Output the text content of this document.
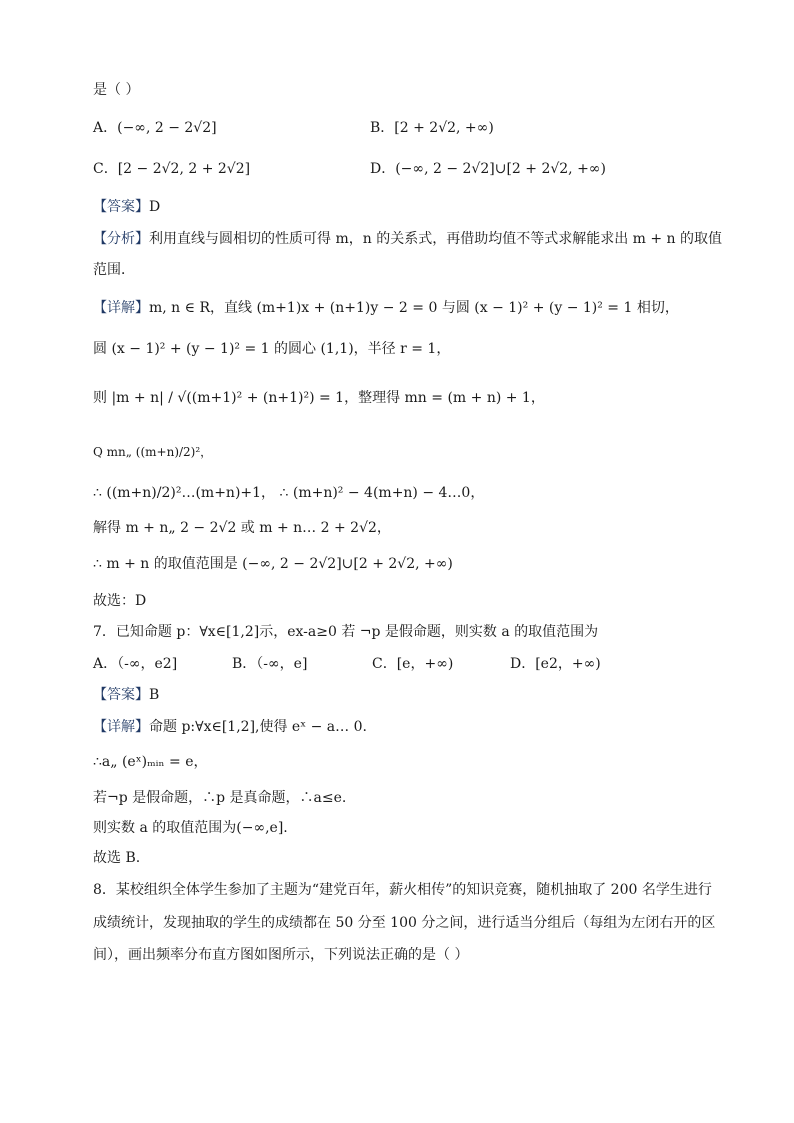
是（ ）
A．(−∞, 2 − 2√2]	B．[2 + 2√2, +∞)
C．[2 − 2√2, 2 + 2√2]	D．(−∞, 2 − 2√2]∪[2 + 2√2, +∞)
【答案】D
【分析】利用直线与圆相切的性质可得 m，n 的关系式，再借助均值不等式求解能求出 m + n 的取值
范围．
【详解】m, n ∈ R，直线 (m+1)x + (n+1)y − 2 = 0 与圆 (x − 1)² + (y − 1)² = 1 相切，
圆 (x − 1)² + (y − 1)² = 1 的圆心 (1,1)，半径 r = 1，
则 |m + n| / √((m+1)² + (n+1)²) = 1，整理得 mn = (m + n) + 1，
Q mn„ ((m+n)/2)²，
∴ ((m+n)/2)²…(m+n)+1， ∴ (m+n)² − 4(m+n) − 4…0，
解得 m + n„ 2 − 2√2 或 m + n… 2 + 2√2，
∴ m + n 的取值范围是 (−∞, 2 − 2√2]∪[2 + 2√2, +∞)
故选：D
7．已知命题 p：∀x∈[1,2]示，ex-a≥0 若 ¬p 是假命题，则实数 a 的取值范围为
A．（-∞，e2]	B．（-∞，e]	C．[e，+∞)	D．[e2，+∞)
【答案】B
【详解】命题 p:∀x∈[1,2],使得 eˣ − a… 0.
∴a„ (eˣ)ₘᵢₙ = e，
若¬p 是假命题，∴p 是真命题，∴a≤e.
则实数 a 的取值范围为(−∞,e].
故选 B.
8．某校组织全体学生参加了主题为“建党百年，薪火相传”的知识竞赛，随机抽取了 200 名学生进行
成绩统计，发现抽取的学生的成绩都在 50 分至 100 分之间，进行适当分组后（每组为左闭右开的区
间），画出频率分布直方图如图所示，下列说法正确的是（ ）
